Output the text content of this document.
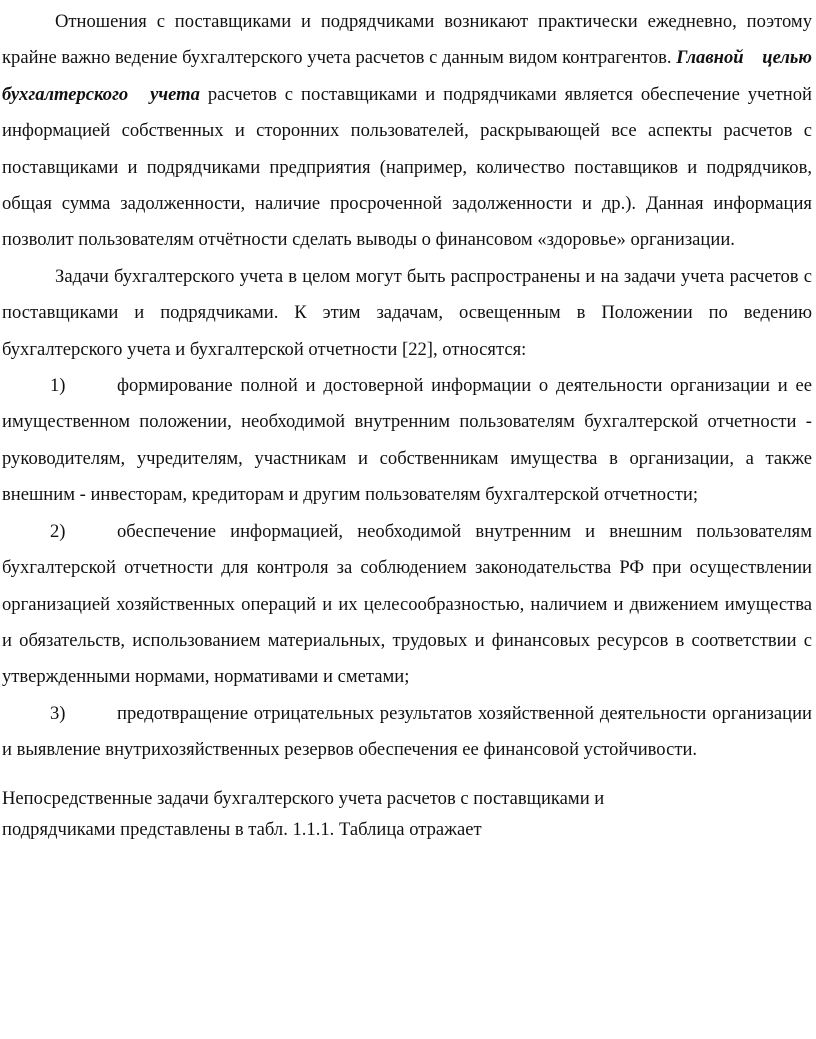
Отношения с поставщиками и подрядчиками возникают практически ежедневно, поэтому крайне важно ведение бухгалтерского учета расчетов с данным видом контрагентов. Главной целью бухгалтерского учета расчетов с поставщиками и подрядчиками является обеспечение учетной информацией собственных и сторонних пользователей, раскрывающей все аспекты расчетов с поставщиками и подрядчиками предприятия (например, количество поставщиков и подрядчиков, общая сумма задолженности, наличие просроченной задолженности и др.). Данная информация позволит пользователям отчётности сделать выводы о финансовом «здоровье» организации.

Задачи бухгалтерского учета в целом могут быть распространены и на задачи учета расчетов с поставщиками и подрядчиками. К этим задачам, освещенным в Положении по ведению бухгалтерского учета и бухгалтерской отчетности [22], относятся:

1)	формирование полной и достоверной информации о деятельности организации и ее имущественном положении, необходимой внутренним пользователям бухгалтерской отчетности - руководителям, учредителям, участникам и собственникам имущества в организации, а также внешним - инвесторам, кредиторам и другим пользователям бухгалтерской отчетности;

2)	обеспечение информацией, необходимой внутренним и внешним пользователям бухгалтерской отчетности для контроля за соблюдением законодательства РФ при осуществлении организацией хозяйственных операций и их целесообразностью, наличием и движением имущества и обязательств, использованием материальных, трудовых и финансовых ресурсов в соответствии с утвержденными нормами, нормативами и сметами;

3)	предотвращение отрицательных результатов хозяйственной деятельности организации и выявление внутрихозяйственных резервов обеспечения ее финансовой устойчивости.

Непосредственные задачи бухгалтерского учета расчетов с поставщиками и
подрядчиками представлены в табл. 1.1.1. Таблица отражает
